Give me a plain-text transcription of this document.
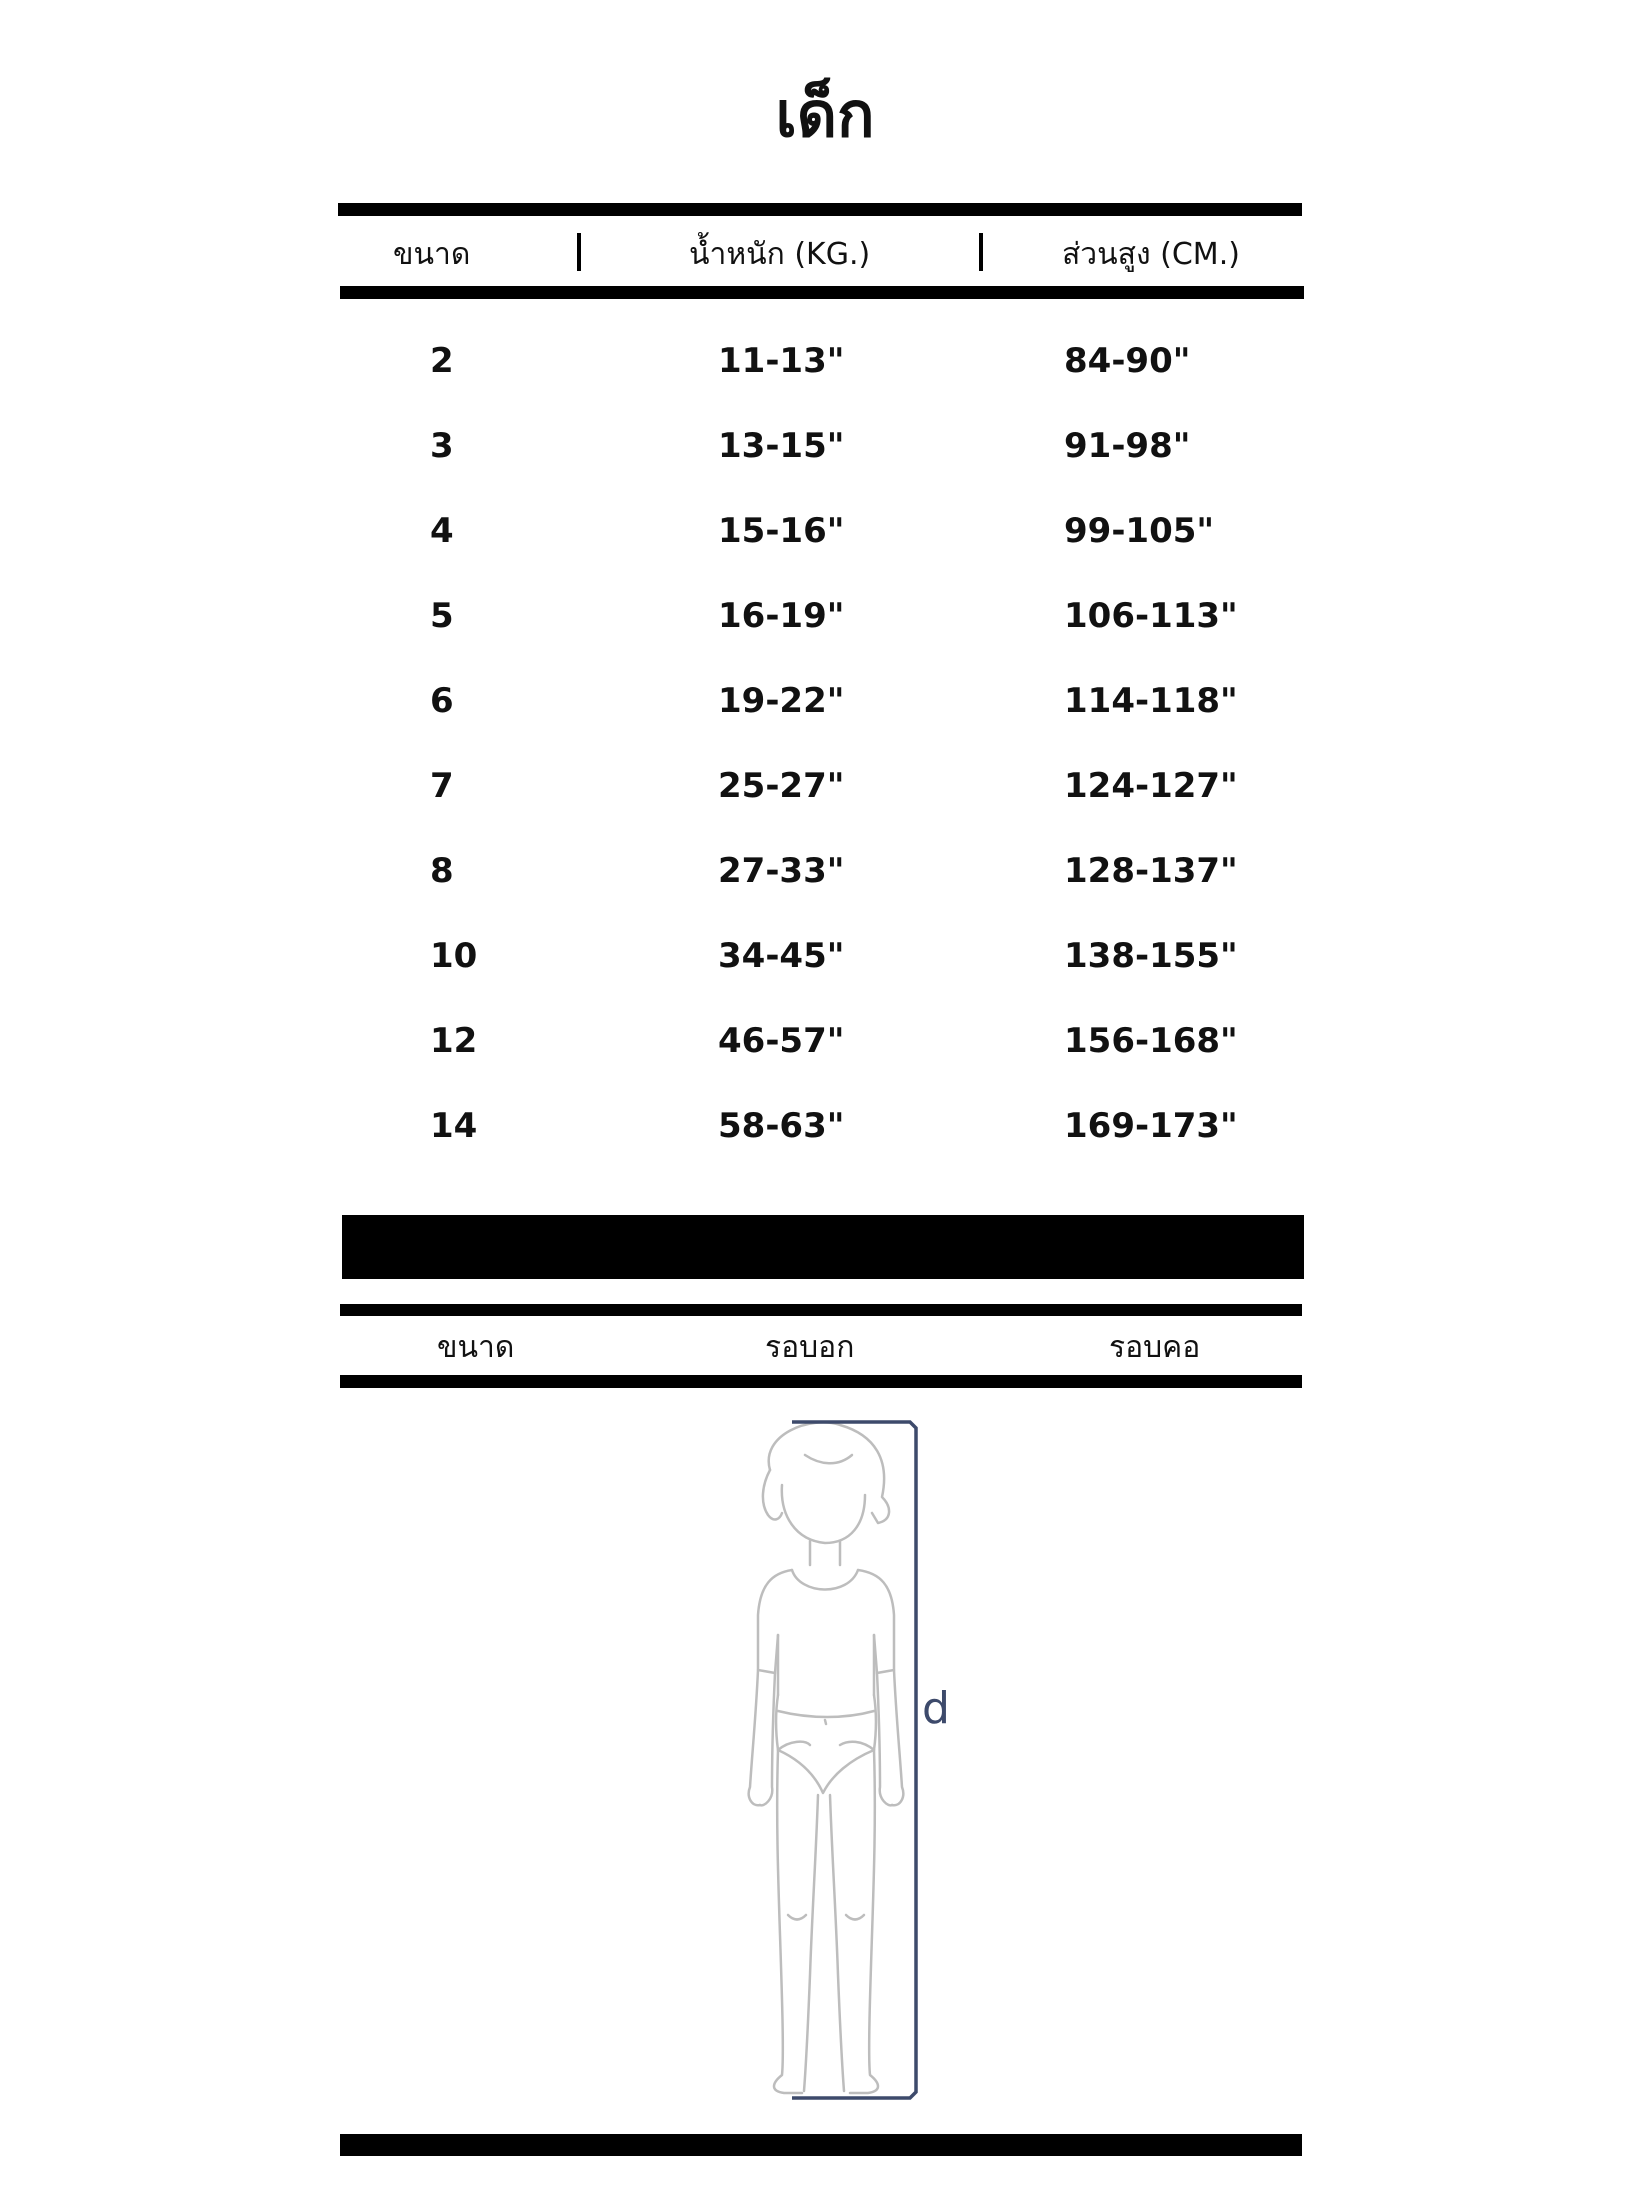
เด็ก
ขนาด	น้ำหนัก (KG.)	ส่วนสูง (CM.)
2	11-13"	84-90"
3	13-15"	91-98"
4	15-16"	99-105"
5	16-19"	106-113"
6	19-22"	114-118"
7	25-27"	124-127"
8	27-33"	128-137"
10	34-45"	138-155"
12	46-57"	156-168"
14	58-63"	169-173"
ขนาด	รอบอก	รอบคอ
d
